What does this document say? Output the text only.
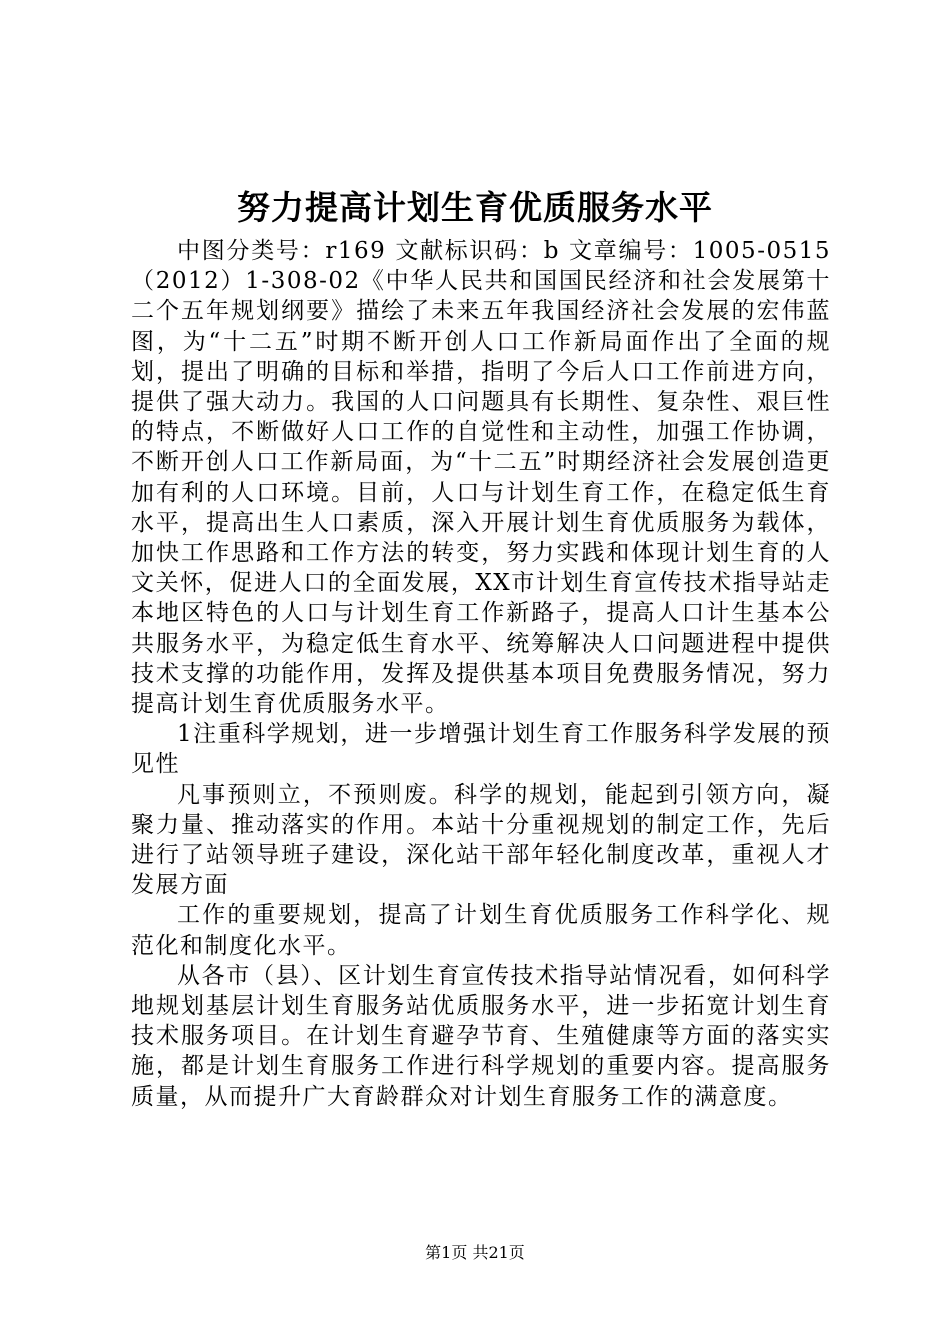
努力提高计划生育优质服务水平

中图分类号：r169 文献标识码：b 文章编号：1005-0515（2012）1-308-02《中华人民共和国国民经济和社会发展第十二个五年规划纲要》描绘了未来五年我国经济社会发展的宏伟蓝图，为“十二五”时期不断开创人口工作新局面作出了全面的规划，提出了明确的目标和举措，指明了今后人口工作前进方向，提供了强大动力。我国的人口问题具有长期性、复杂性、艰巨性的特点，不断做好人口工作的自觉性和主动性，加强工作协调，不断开创人口工作新局面，为“十二五”时期经济社会发展创造更加有利的人口环境。目前，人口与计划生育工作，在稳定低生育水平，提高出生人口素质，深入开展计划生育优质服务为载体，加快工作思路和工作方法的转变，努力实践和体现计划生育的人文关怀，促进人口的全面发展，XX市计划生育宣传技术指导站走本地区特色的人口与计划生育工作新路子，提高人口计生基本公共服务水平，为稳定低生育水平、统筹解决人口问题进程中提供技术支撑的功能作用，发挥及提供基本项目免费服务情况，努力提高计划生育优质服务水平。

1注重科学规划，进一步增强计划生育工作服务科学发展的预见性

凡事预则立，不预则废。科学的规划，能起到引领方向，凝聚力量、推动落实的作用。本站十分重视规划的制定工作，先后进行了站领导班子建设，深化站干部年轻化制度改革，重视人才发展方面

工作的重要规划，提高了计划生育优质服务工作科学化、规范化和制度化水平。

从各市（县）、区计划生育宣传技术指导站情况看，如何科学地规划基层计划生育服务站优质服务水平，进一步拓宽计划生育技术服务项目。在计划生育避孕节育、生殖健康等方面的落实实施，都是计划生育服务工作进行科学规划的重要内容。提高服务质量，从而提升广大育龄群众对计划生育服务工作的满意度。

第1页 共21页
